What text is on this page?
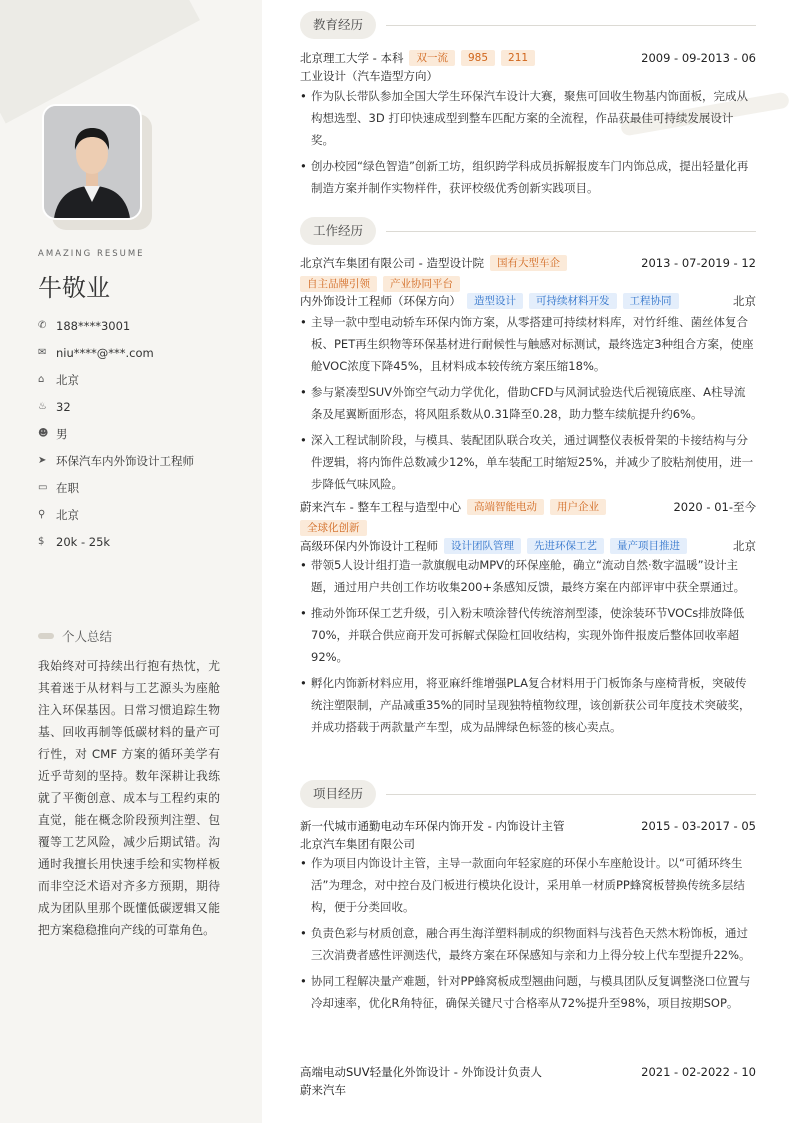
AMAZING RESUME
牛敬业
✆ 188****3001
✉ niu****@***.com
⌂	北京
♨ 32
☻ 男
➤ 环保汽车内外饰设计工程师
▭ 在职
⚲ 北京
$	20k - 25k
个人总结

我始终对可持续出行抱有热忱，尤其着迷于从材料与工艺源头为座舱注入环保基因。日常习惯追踪生物基、回收再制等低碳材料的量产可行性，对 CMF 方案的循环美学有近乎苛刻的坚持。数年深耕让我练就了平衡创意、成本与工程约束的直觉，能在概念阶段预判注塑、包覆等工艺风险，减少后期试错。沟通时我擅长用快速手绘和实物样板而非空泛术语对齐多方预期，期待成为团队里那个既懂低碳逻辑又能把方案稳稳推向产线的可靠角色。

教育经历
北京理工大学 - 本科	双一流	985	211	2009 - 09-2013 - 06
工业设计（汽车造型方向）
• 作为队长带队参加全国大学生环保汽车设计大赛，聚焦可回收生物基内饰面板，完成从构想选型、3D 打印快速成型到整车匹配方案的全流程，作品获最佳可持续发展设计奖。
• 创办校园“绿色智造”创新工坊，组织跨学科成员拆解报废车门内饰总成，提出轻量化再制造方案并制作实物样件，获评校级优秀创新实践项目。
工作经历
北京汽车集团有限公司 - 造型设计院	国有大型车企	2013 - 07-2019 - 12
自主品牌引领	产业协同平台
内外饰设计工程师（环保方向）	造型设计	可持续材料开发	工程协同	北京
• 主导一款中型电动轿车环保内饰方案，从零搭建可持续材料库，对竹纤维、菌丝体复合板、PET再生织物等环保基材进行耐候性与触感对标测试，最终选定3种组合方案，使座舱VOC浓度下降45%，且材料成本较传统方案压缩18%。
• 参与紧凑型SUV外饰空气动力学优化，借助CFD与风洞试验迭代后视镜底座、A柱导流条及尾翼断面形态，将风阻系数从0.31降至0.28，助力整车续航提升约6%。
• 深入工程试制阶段，与模具、装配团队联合攻关，通过调整仪表板骨架的卡接结构与分件逻辑，将内饰件总数减少12%，单车装配工时缩短25%，并减少了胶粘剂使用，进一步降低气味风险。
蔚来汽车 - 整车工程与造型中心	高端智能电动	用户企业	2020 - 01-至今
全球化创新
高级环保内外饰设计工程师	设计团队管理	先进环保工艺	量产项目推进	北京
• 带领5人设计组打造一款旗舰电动MPV的环保座舱，确立“流动自然·数字温暖”设计主题，通过用户共创工作坊收集200+条感知反馈，最终方案在内部评审中获全票通过。
• 推动外饰环保工艺升级，引入粉末喷涂替代传统溶剂型漆，使涂装环节VOCs排放降低70%，并联合供应商开发可拆解式保险杠回收结构，实现外饰件报废后整体回收率超92%。
• 孵化内饰新材料应用，将亚麻纤维增强PLA复合材料用于门板饰条与座椅背板，突破传统注塑限制，产品减重35%的同时呈现独特植物纹理，该创新获公司年度技术突破奖，并成功搭载于两款量产车型，成为品牌绿色标签的核心卖点。
项目经历
新一代城市通勤电动车环保内饰开发 - 内饰设计主管	2015 - 03-2017 - 05
北京汽车集团有限公司
• 作为项目内饰设计主管，主导一款面向年轻家庭的环保小车座舱设计。以“可循环终生活”为理念，对中控台及门板进行模块化设计，采用单一材质PP蜂窝板替换传统多层结构，便于分类回收。
• 负责色彩与材质创意，融合再生海洋塑料制成的织物面料与浅苔色天然木粉饰板，通过三次消费者感性评测迭代，最终方案在环保感知与亲和力上得分较上代车型提升22%。
• 协同工程解决量产难题，针对PP蜂窝板成型翘曲问题，与模具团队反复调整浇口位置与冷却速率，优化R角特征，确保关键尺寸合格率从72%提升至98%，项目按期SOP。
高端电动SUV轻量化外饰设计 - 外饰设计负责人	2021 - 02-2022 - 10
蔚来汽车
